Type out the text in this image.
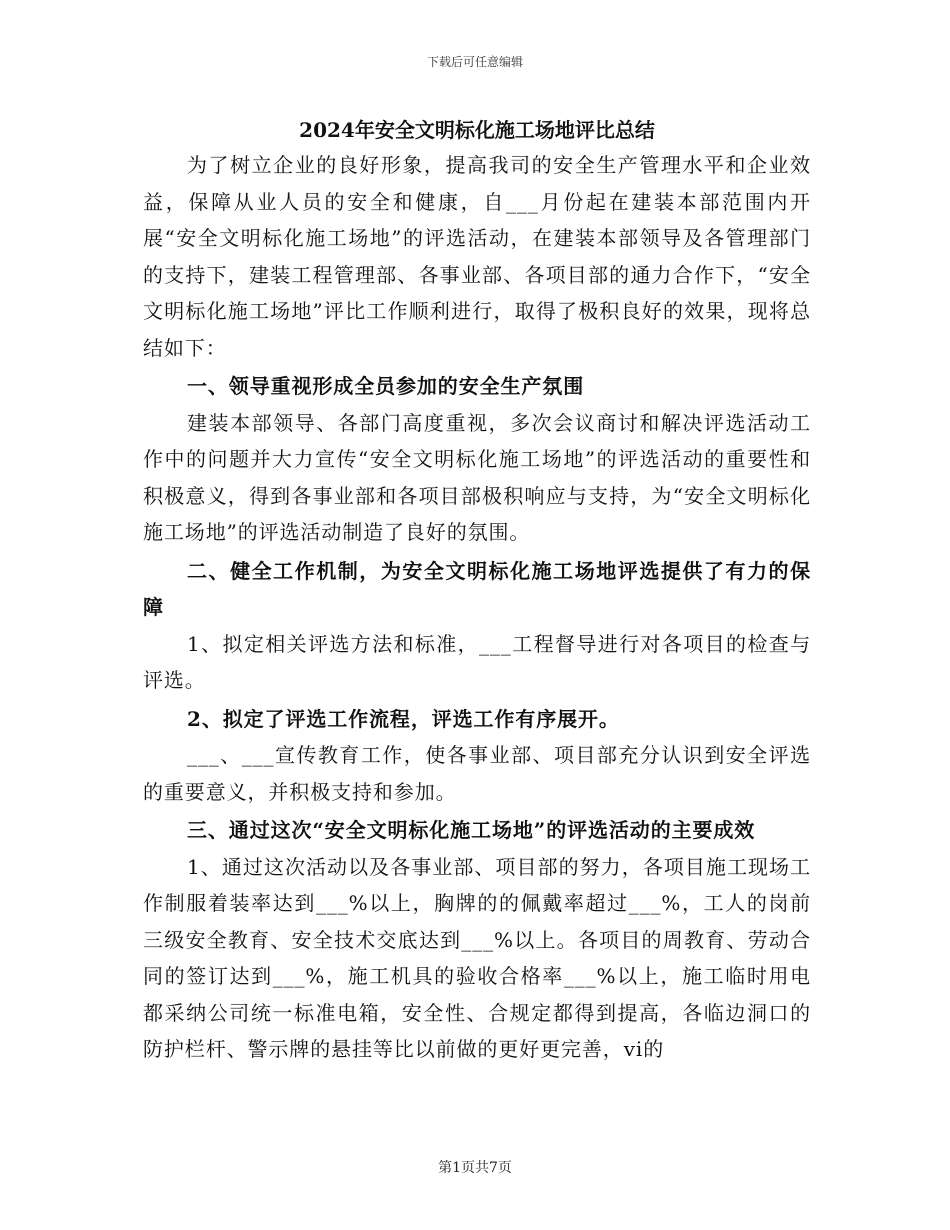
下载后可任意编辑
2024年安全文明标化施工场地评比总结
为了树立企业的良好形象，提高我司的安全生产管理水平和企业效益，保障从业人员的安全和健康，自___月份起在建装本部范围内开展“安全文明标化施工场地”的评选活动，在建装本部领导及各管理部门的支持下，建装工程管理部、各事业部、各项目部的通力合作下，“安全文明标化施工场地”评比工作顺利进行，取得了极积良好的效果，现将总结如下：
一、领导重视形成全员参加的安全生产氛围
建装本部领导、各部门高度重视，多次会议商讨和解决评选活动工作中的问题并大力宣传“安全文明标化施工场地”的评选活动的重要性和积极意义，得到各事业部和各项目部极积响应与支持，为“安全文明标化施工场地”的评选活动制造了良好的氛围。
二、健全工作机制，为安全文明标化施工场地评选提供了有力的保障
1、拟定相关评选方法和标准，___工程督导进行对各项目的检查与评选。
2、拟定了评选工作流程，评选工作有序展开。
___、___宣传教育工作，使各事业部、项目部充分认识到安全评选的重要意义，并积极支持和参加。
三、通过这次“安全文明标化施工场地”的评选活动的主要成效
1、通过这次活动以及各事业部、项目部的努力，各项目施工现场工作制服着装率达到___%以上，胸牌的的佩戴率超过___%，工人的岗前三级安全教育、安全技术交底达到___%以上。各项目的周教育、劳动合同的签订达到___%，施工机具的验收合格率___%以上，施工临时用电都采纳公司统一标准电箱，安全性、合规定都得到提高，各临边洞口的防护栏杆、警示牌的悬挂等比以前做的更好更完善，vi的
第1页共7页
